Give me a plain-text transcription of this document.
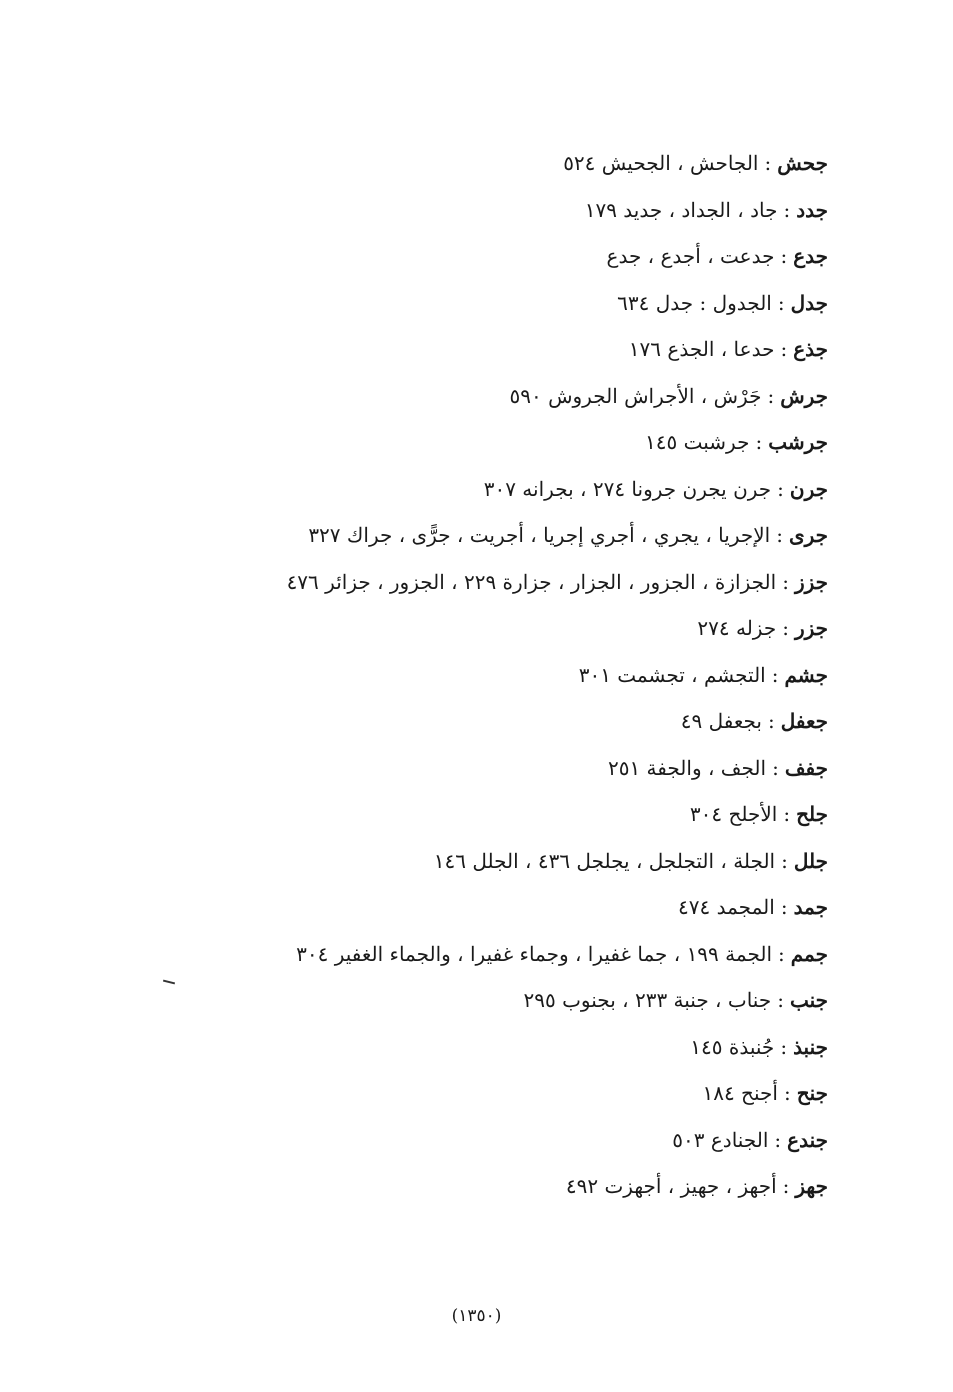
جحش:الجاحش ، الجحيش ٥٢٤
جدد:جاد ، الجداد ، جديد ١٧٩
جدع:جدعت ، أجدع ، جدع
جدل:الجدول : جدل ٦٣٤
جذع:حدعا ، الجذع ١٧٦
جرش:جَرْش ، الأجراش الجروش ٥٩٠
جرشب:جرشبت ١٤٥
جرن:جرن يجرن جرونا ٢٧٤ ، بجرانه ٣٠٧
جرى:الإجريا ، يجري ، أجري إجريا ، أجريت ، جرًّى ، جراك ٣٢٧
جزز:الجزازة ، الجزور ، الجزار ، جزارة ٢٢٩ ، الجزور ، جزائر ٤٧٦
جزر:جزله ٢٧٤
جشم:التجشم ، تجشمت ٣٠١
جعفل:بجعفل ٤٩
جفف:الجف ، والجفة ٢٥١
جلح:الأجلح ٣٠٤
جلل:الجلة ، التجلجل ، يجلجل ٤٣٦ ، الجلل ١٤٦
جمد:المجمد ٤٧٤
جمم:الجمة ١٩٩ ، جما غفيرا ، وجماء غفيرا ، والجماء الغفير ٣٠٤
جنب:جناب ، جنبة ٢٣٣ ، بجنوب ٢٩٥
جنبذ:جُنبذة ١٤٥
جنح:أجنح ١٨٤
جندع:الجنادع ٥٠٣
جهز:أجهز ، جهيز ، أجهزت ٤٩٢
(١٣٥٠)
